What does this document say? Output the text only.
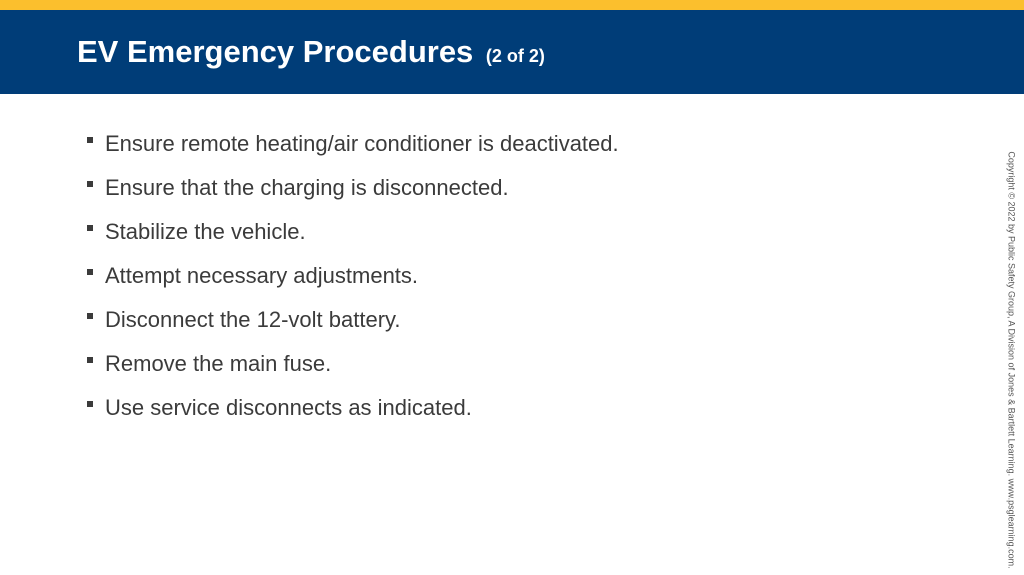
EV Emergency Procedures (2 of 2)
Ensure remote heating/air conditioner is deactivated.
Ensure that the charging is disconnected.
Stabilize the vehicle.
Attempt necessary adjustments.
Disconnect the 12-volt battery.
Remove the main fuse.
Use service disconnects as indicated.	Copyright © 2022 by Public Safety Group, A Division of Jones & Bartlett Learning. www.psglearning.com.
